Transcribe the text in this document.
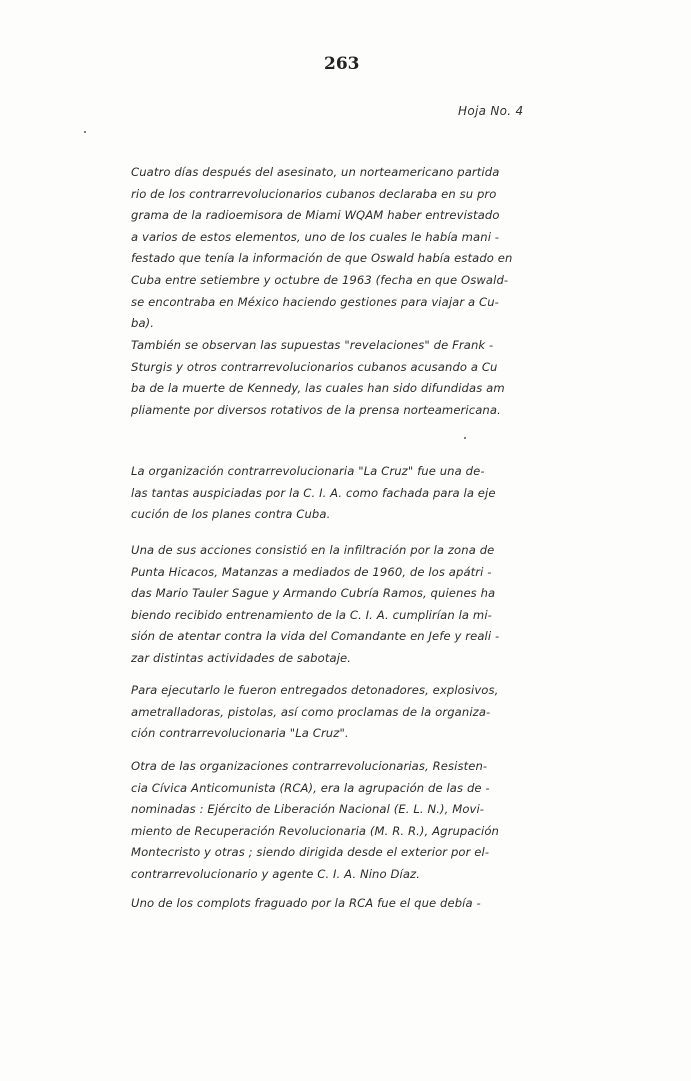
263
Hoja No. 4
Cuatro días después del asesinato, un norteamericano partida
rio de los contrarrevolucionarios cubanos declaraba en su pro
grama de la radioemisora de Miami WQAM haber entrevistado
a varios de estos elementos, uno de los cuales le había mani -
festado que tenía la información de que Oswald había estado en
Cuba entre setiembre y octubre de 1963 (fecha en que Oswald-
se encontraba en México haciendo gestiones para viajar a Cu-
ba).
También se observan las supuestas "revelaciones" de Frank -
Sturgis y otros contrarrevolucionarios cubanos acusando a Cu
ba de la muerte de Kennedy, las cuales han sido difundidas am
pliamente por diversos rotativos de la prensa norteamericana.
La organización contrarrevolucionaria "La Cruz" fue una de-
las tantas auspiciadas por la C. I. A. como fachada para la eje
cución de los planes contra Cuba.
Una de sus acciones consistió en la infiltración por la zona de
Punta Hicacos, Matanzas a mediados de 1960, de los apátri -
das Mario Tauler Sague y Armando Cubría Ramos, quienes ha
biendo recibido entrenamiento de la C. I. A. cumplirían la mi-
sión de atentar contra la vida del Comandante en Jefe y reali -
zar distintas actividades de sabotaje.
Para ejecutarlo le fueron entregados detonadores, explosivos,
ametralladoras, pistolas, así como proclamas de la organiza-
ción contrarrevolucionaria "La Cruz".
Otra de las organizaciones contrarrevolucionarias, Resisten-
cia Cívica Anticomunista (RCA), era la agrupación de las de -
nominadas : Ejército de Liberación Nacional (E. L. N.), Movi-
miento de Recuperación Revolucionaria (M. R. R.), Agrupación
Montecristo y otras ; siendo dirigida desde el exterior por el-
contrarrevolucionario y agente C. I. A. Nino Díaz.
Uno de los complots fraguado por la RCA fue el que debía -
